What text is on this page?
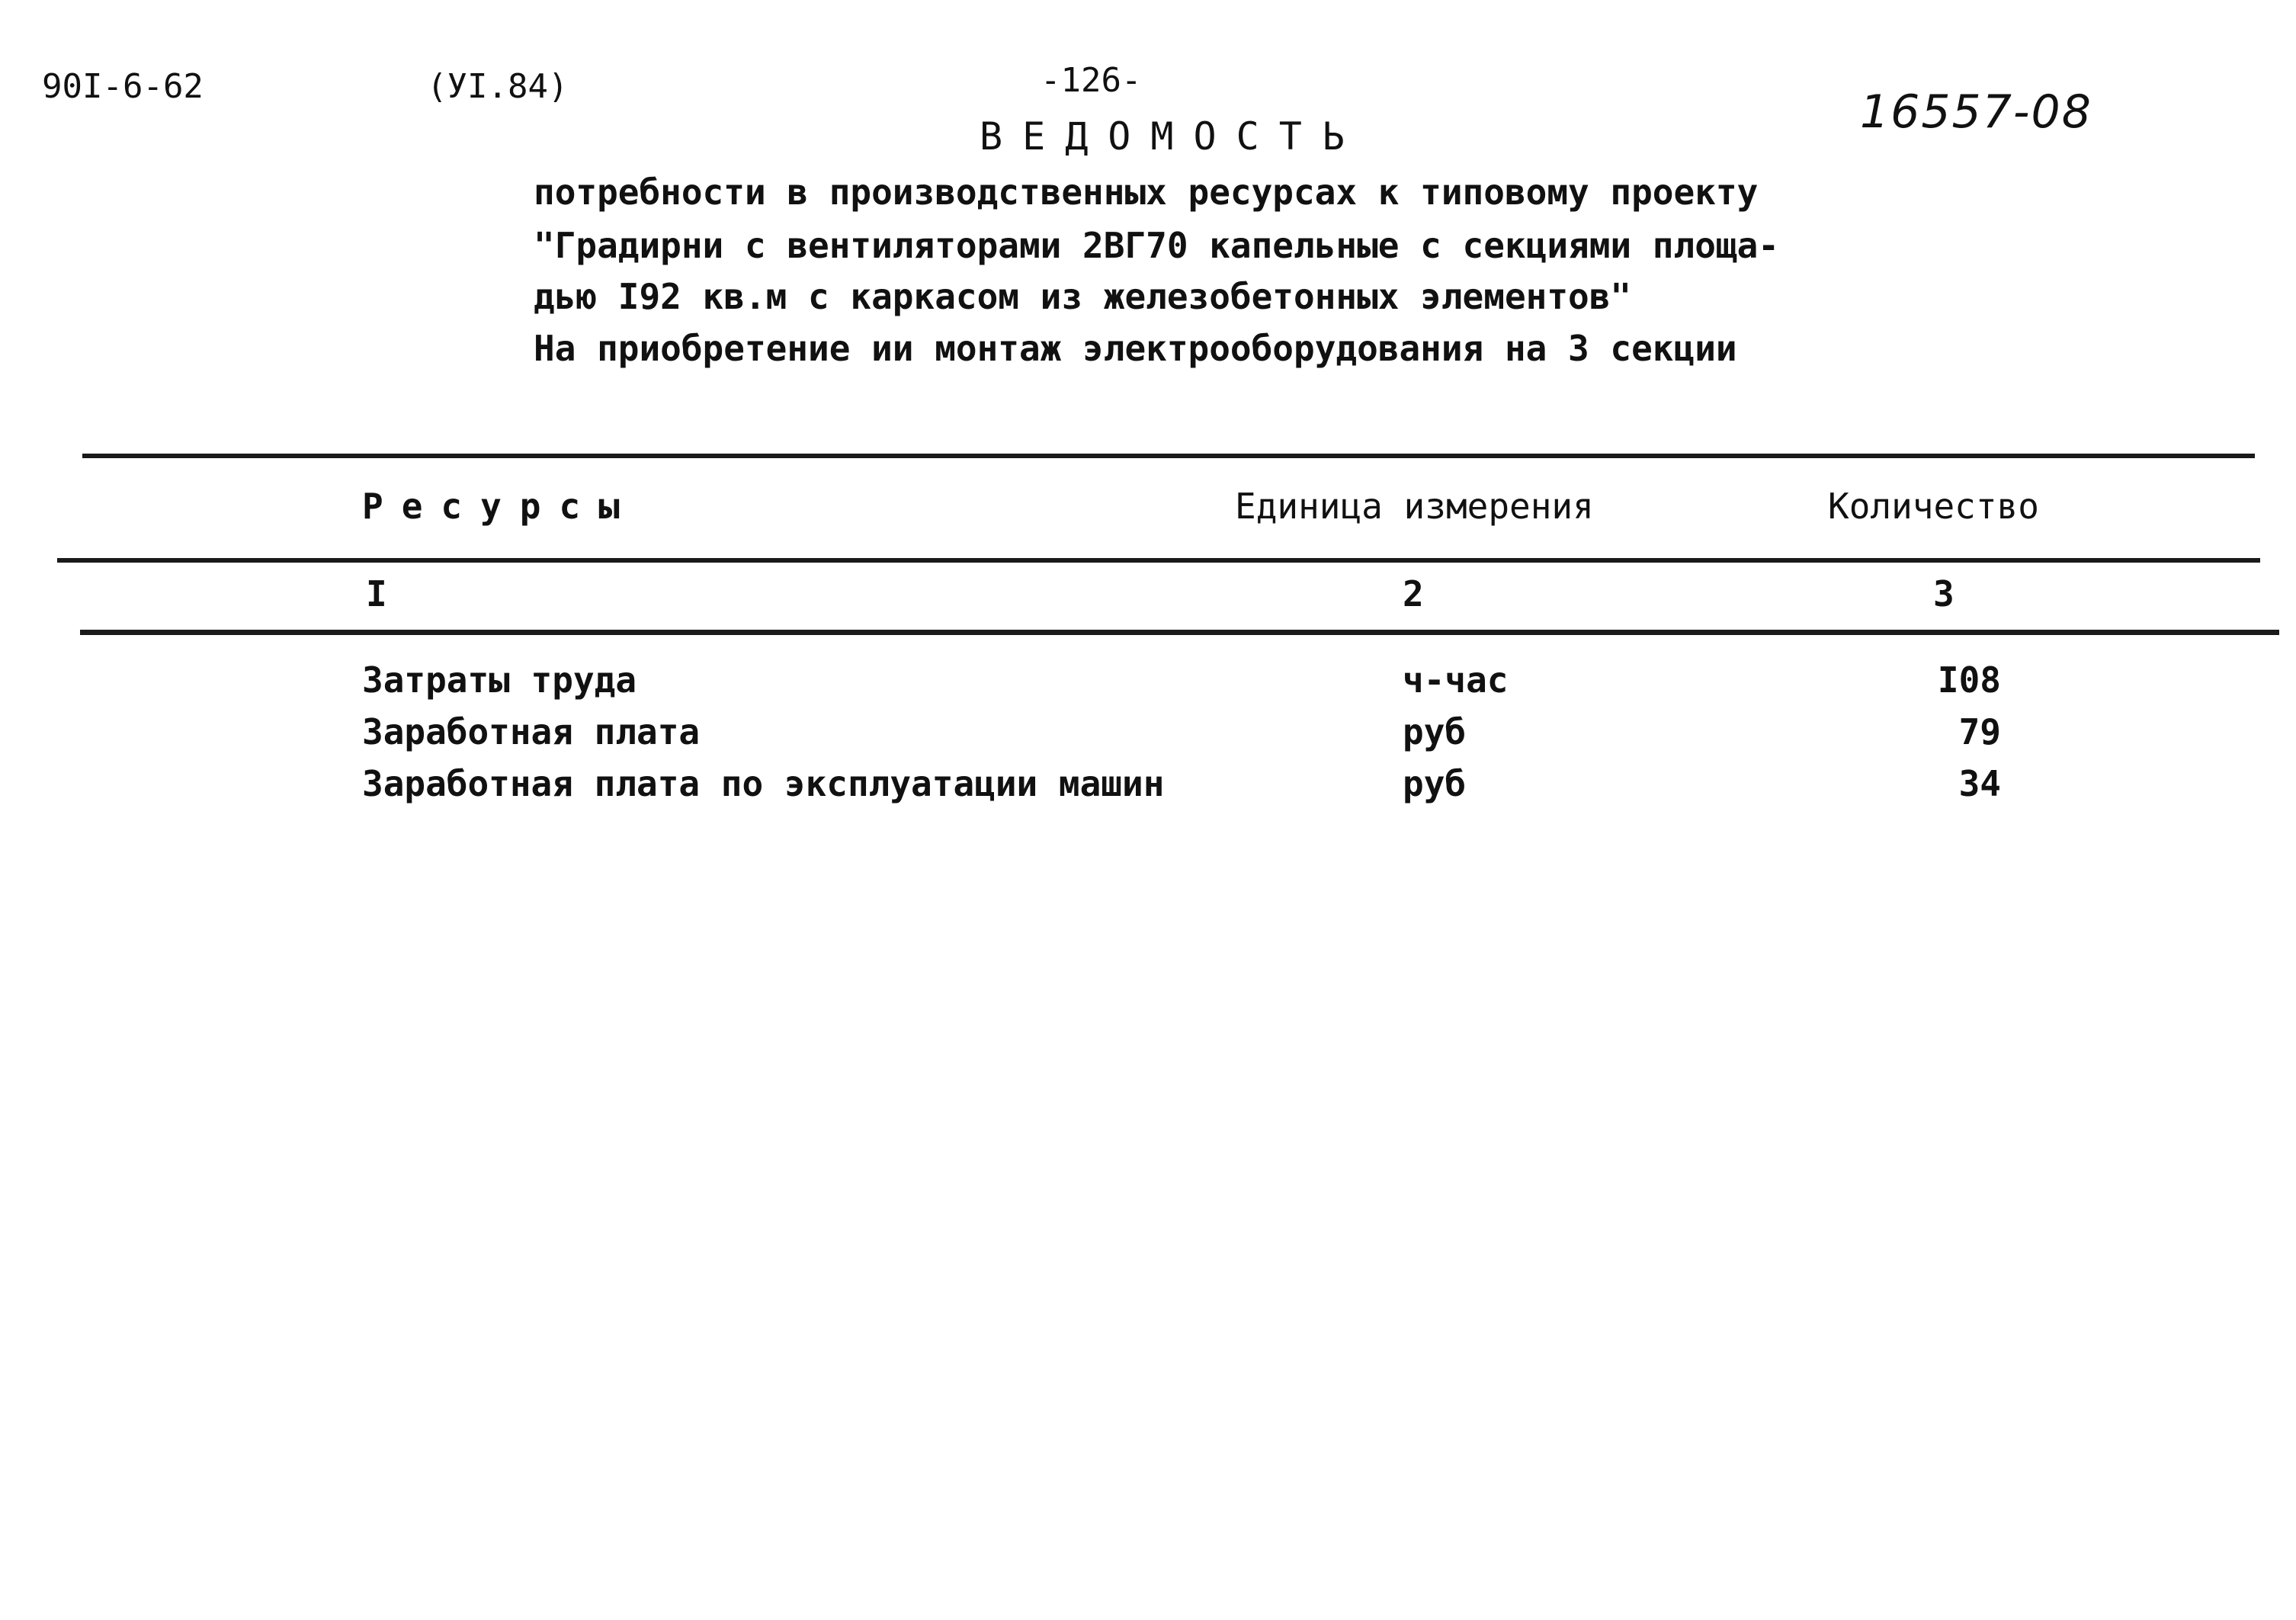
90I-6-62	(УI.84)	-126-
16557-08
ВЕДОМОСТЬ
потребности в производственных ресурсах к типовому проекту
"Градирни с вентиляторами 2ВГ70 капельные с секциями площа-
дью I92 кв.м с каркасом из железобетонных элементов"
На приобретение ии монтаж электрооборудования на 3 секции
Ресурсы	Единица измерения	Количество
I	2	3
Затраты труда	ч-час	I08
Заработная плата	руб	79
Заработная плата по эксплуатации машин	руб	34
